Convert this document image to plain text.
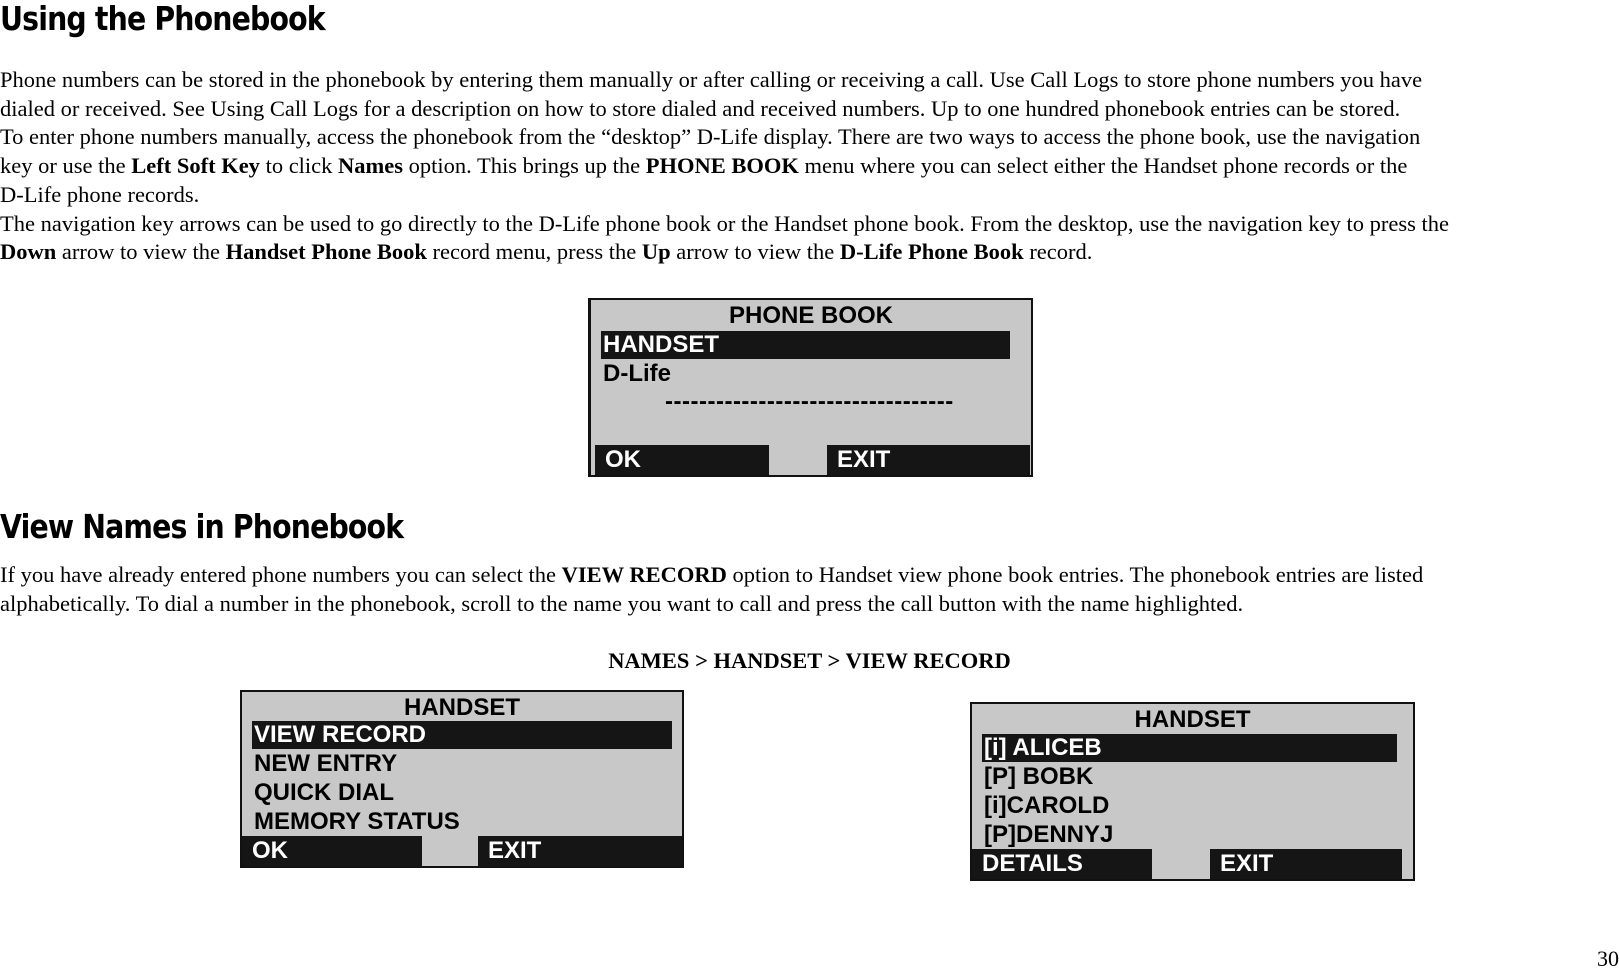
Using the Phonebook
Phone numbers can be stored in the phonebook by entering them manually or after calling or receiving a call. Use Call Logs to store phone numbers you have
dialed or received. See Using Call Logs for a description on how to store dialed and received numbers. Up to one hundred phonebook entries can be stored.
To enter phone numbers manually, access the phonebook from the “desktop” D-Life display. There are two ways to access the phone book, use the navigation
key or use the Left Soft Key to click Names option. This brings up the PHONE BOOK menu where you can select either the Handset phone records or the
D-Life phone records.
The navigation key arrows can be used to go directly to the D-Life phone book or the Handset phone book. From the desktop, use the navigation key to press the
Down arrow to view the Handset Phone Book record menu, press the Up arrow to view the D-Life Phone Book record.
PHONE BOOK
HANDSET
D-Life
----------------------------------
OK	EXIT
View Names in Phonebook
If you have already entered phone numbers you can select the VIEW RECORD option to Handset view phone book entries. The phonebook entries are listed
alphabetically. To dial a number in the phonebook, scroll to the name you want to call and press the call button with the name highlighted.
NAMES > HANDSET > VIEW RECORD
HANDSET
VIEW RECORD
NEW ENTRY
QUICK DIAL
MEMORY STATUS
OK	EXIT
HANDSET
[i] ALICEB
[P] BOBK
[i]CAROLD
[P]DENNYJ
DETAILS	EXIT
30
